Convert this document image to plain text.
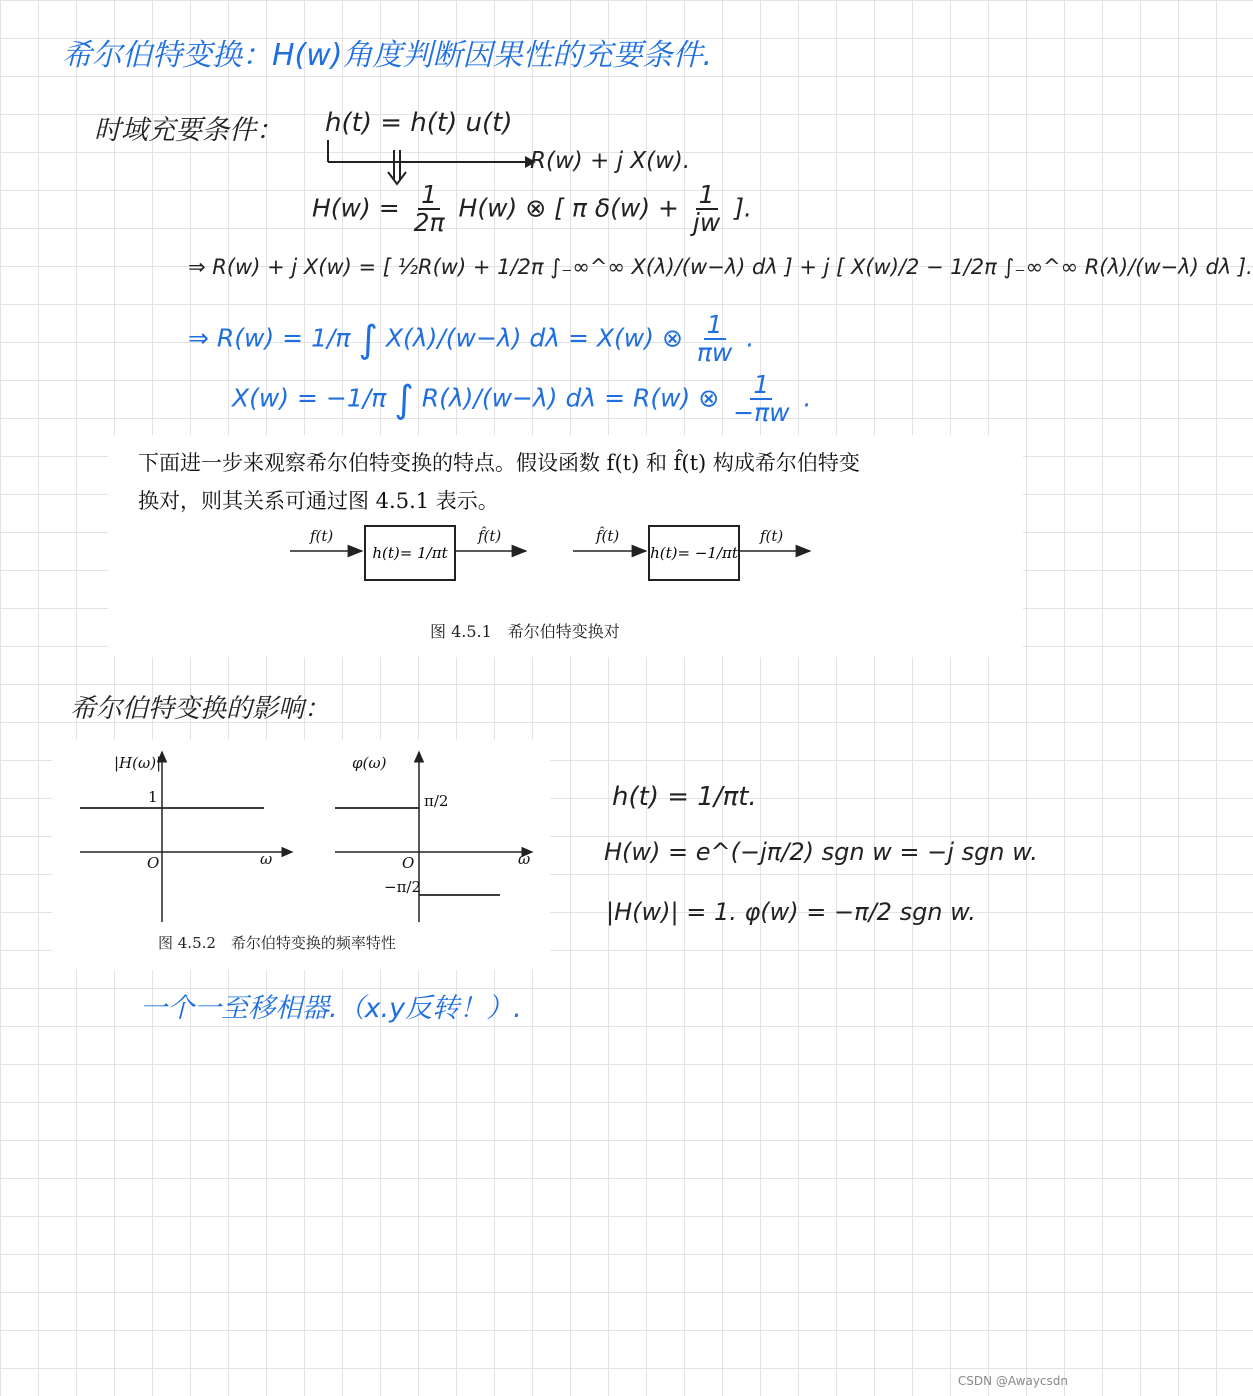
希尔伯特变换：H(w)角度判断因果性的充要条件.
时域充要条件： h(t) = h(t) u(t)
R(w) + j X(w).
$H(w) = \frac{1}{2\pi} H(w)$ ⊗ [ π $\delta(w) + \frac{1}{jw}$ ].
⇒ R(w) + j X(w) = [ ½R(w) + 1/2π ∫₋∞^∞ X(λ)/(w−λ) dλ ] + j [ X(w)/2 − 1/2π ∫₋∞^∞ R(λ)/(w−λ) dλ ].
⇒ R(w) = 1/π ∫ X(λ)/(w−λ) dλ = X(w) ⊗ $\frac{1}{\pi w}$ .
X(w) = −1/π ∫ R(λ)/(w−λ) dλ = R(w) ⊗ $\frac{1}{-\pi w}$ .
下面进一步来观察希尔伯特变换的特点。假设函数 f(t) 和 f̂(t) 构成希尔伯特变
换对，则其关系可通过图 4.5.1 表示。
f(t)
h(t)= 1/πt
f̂(t)	f̂(t)
h(t)= −1/πt
f(t)
图 4.5.1　希尔伯特变换对
希尔伯特变换的影响：
|H(ω)|
1
O	ω
φ(ω)
π/2
O	ω
−π/2
图 4.5.2　希尔伯特变换的频率特性
h(t) = 1/πt.
H(w) = e^(−jπ/2) sgn w = −j sgn w.
|H(w)| = 1. φ(w) = −π/2 sgn w.
一个一至移相器.（x.y反转！）.
CSDN @Awaycsdn
